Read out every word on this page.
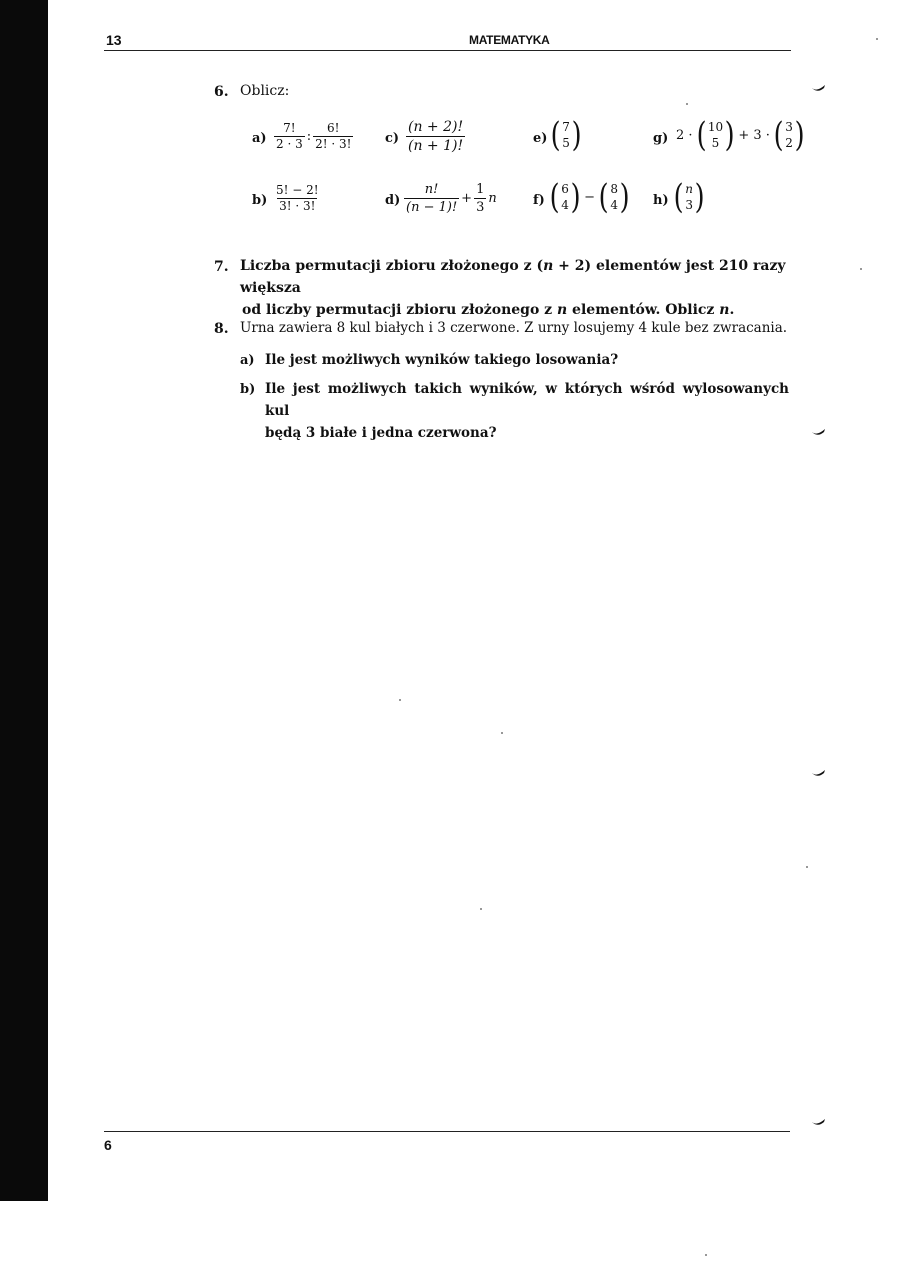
13	MATEMATYKA
6. Oblicz:
$a) \frac{7!}{2 \cdot 3}$ : $\frac{6!}{2! \cdot 3!}$
$b) \frac{5! - 2!}{3! \cdot 3!}$
$c) \frac{(n + 2)!}{(n + 1)!}$
$d) \frac{n!}{(n - 1)!} + \frac{1}{3}$ n
e) ( 7
5 )
f) ( 6
4 ) − ( 8
4 )
g) 2 · ( 10
5 ) + 3 · ( 3
2 )
h) ( n
3 )
7. Liczba permutacji zbioru złożonego z (n + 2) elementów jest 210 razy większa
od liczby permutacji zbioru złożonego z n elementów. Oblicz n.
8. Urna zawiera 8 kul białych i 3 czerwone. Z urny losujemy 4 kule bez zwracania.
a) Ile jest możliwych wyników takiego losowania?
b) Ile jest możliwych takich wyników, w których wśród wylosowanych kul
będą 3 białe i jedna czerwona?
6
